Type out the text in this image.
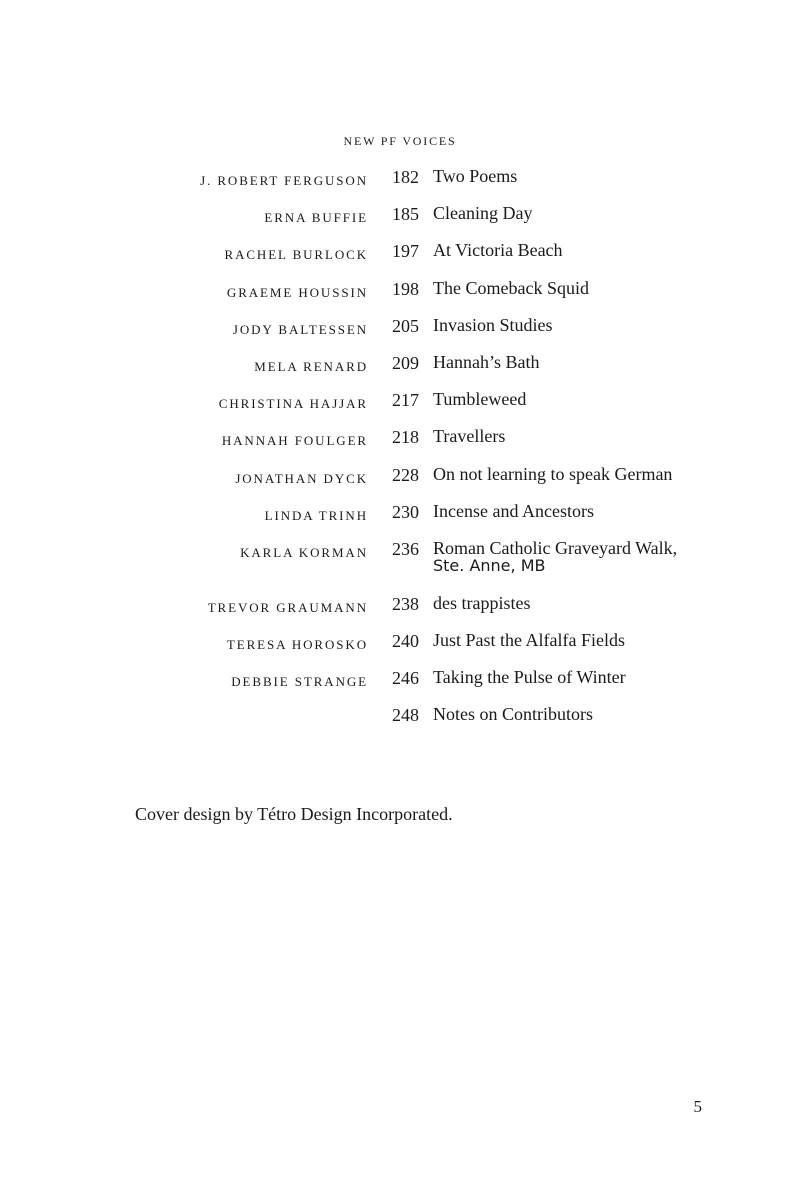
NEW PF VOICES
J. ROBERT FERGUSON 182 Two Poems
ERNA BUFFIE 185 Cleaning Day
RACHEL BURLOCK 197 At Victoria Beach
GRAEME HOUSSIN 198 The Comeback Squid
JODY BALTESSEN 205 Invasion Studies
MELA RENARD 209 Hannah’s Bath
CHRISTINA HAJJAR 217 Tumbleweed
HANNAH FOULGER 218 Travellers
JONATHAN DYCK 228 On not learning to speak German
LINDA TRINH 230 Incense and Ancestors
KARLA KORMAN 236 Roman Catholic Graveyard Walk,
Ste. Anne, MB
TREVOR GRAUMANN 238 des trappistes
TERESA HOROSKO 240 Just Past the Alfalfa Fields
DEBBIE STRANGE 246 Taking the Pulse of Winter
248 Notes on Contributors
Cover design by Tétro Design Incorporated.
5
